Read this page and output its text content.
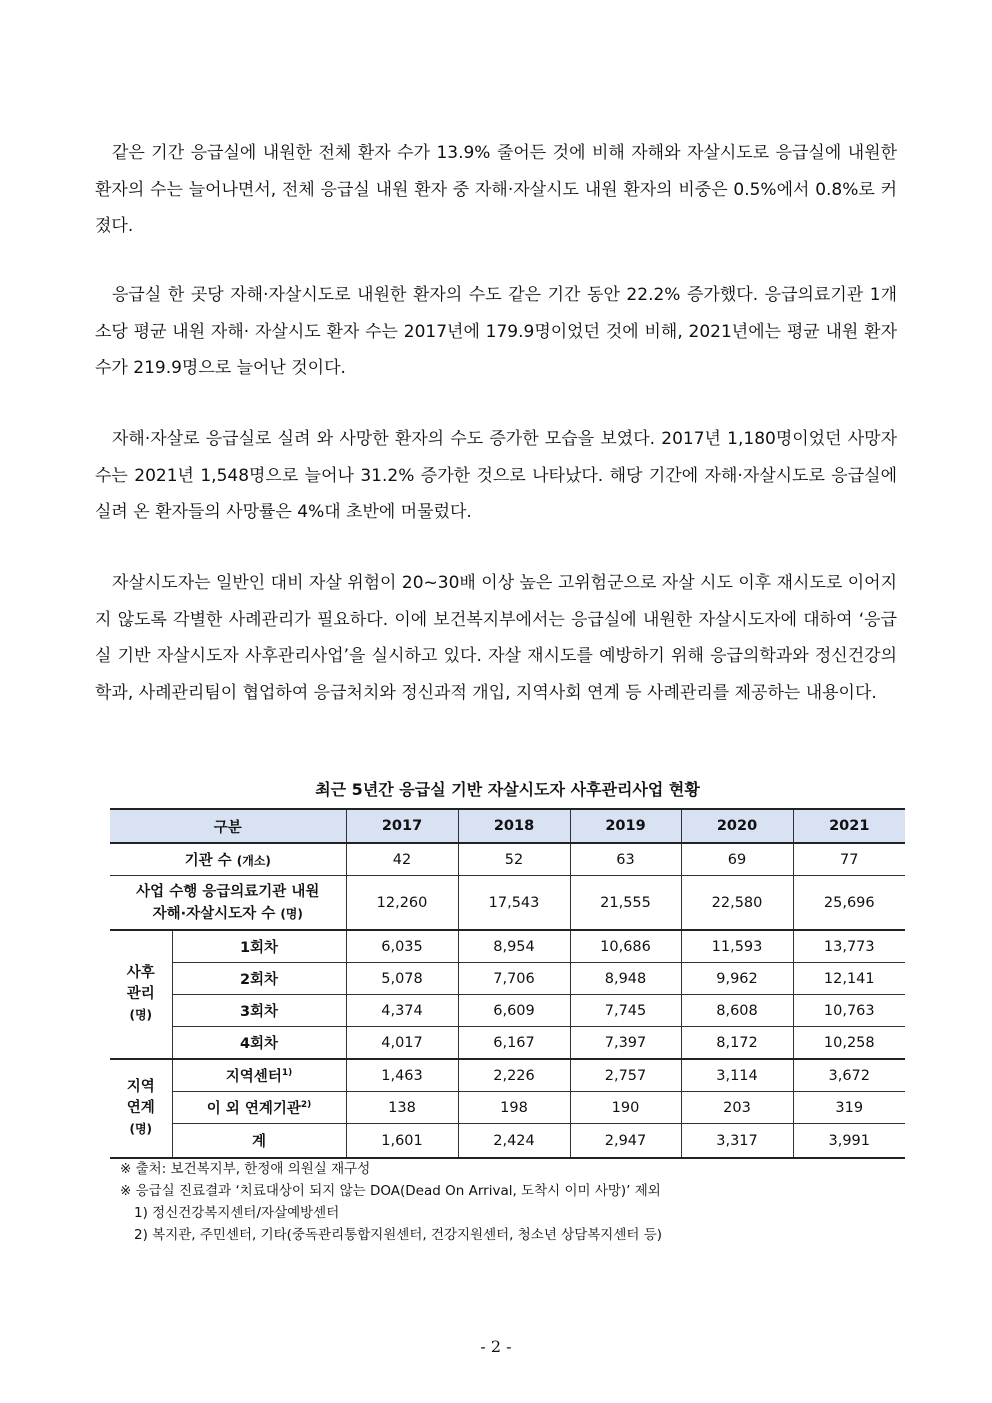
같은 기간 응급실에 내원한 전체 환자 수가 13.9% 줄어든 것에 비해 자해와 자살시도로 응급실에 내원한 환자의 수는 늘어나면서, 전체 응급실 내원 환자 중 자해·자살시도 내원 환자의 비중은 0.5%에서 0.8%로 커졌다.

응급실 한 곳당 자해·자살시도로 내원한 환자의 수도 같은 기간 동안 22.2% 증가했다. 응급의료기관 1개소당 평균 내원 자해· 자살시도 환자 수는 2017년에 179.9명이었던 것에 비해, 2021년에는 평균 내원 환자 수가 219.9명으로 늘어난 것이다.

자해·자살로 응급실로 실려 와 사망한 환자의 수도 증가한 모습을 보였다. 2017년 1,180명이었던 사망자 수는 2021년 1,548명으로 늘어나 31.2% 증가한 것으로 나타났다. 해당 기간에 자해·자살시도로 응급실에 실려 온 환자들의 사망률은 4%대 초반에 머물렀다.

자살시도자는 일반인 대비 자살 위험이 20~30배 이상 높은 고위험군으로 자살 시도 이후 재시도로 이어지지 않도록 각별한 사례관리가 필요하다. 이에 보건복지부에서는 응급실에 내원한 자살시도자에 대하여 ‘응급실 기반 자살시도자 사후관리사업’을 실시하고 있다. 자살 재시도를 예방하기 위해 응급의학과와 정신건강의학과, 사례관리팀이 협업하여 응급처치와 정신과적 개입, 지역사회 연계 등 사례관리를 제공하는 내용이다.

최근 5년간 응급실 기반 자살시도자 사후관리사업 현황
구분		2017	2018	2019	2020	2021
기관 수 (개소)		42	52	63	69	77
사업 수행 응급의료기관 내원
자해·자살시도자 수 (명)		12,260	17,543	21,555	22,580	25,696
사후
관리
(명)	1회차	6,035	8,954	10,686	11,593	13,773
	2회차	5,078	7,706	8,948	9,962	12,141
	3회차	4,374	6,609	7,745	8,608	10,763
	4회차	4,017	6,167	7,397	8,172	10,258
지역
연계
(명)	지역센터$^{1)}$	1,463	2,226	2,757	3,114	3,672
	이 외 연계기관$^{2)}$	138	198	190	203	319
	계	1,601	2,424	2,947	3,317	3,991
※ 출처: 보건복지부, 한정애 의원실 재구성
※ 응급실 진료결과 ‘치료대상이 되지 않는 DOA(Dead On Arrival, 도착시 이미 사망)’ 제외
1) 정신건강복지센터/자살예방센터
2) 복지관, 주민센터, 기타(중독관리통합지원센터, 건강지원센터, 청소년 상담복지센터 등)
- 2 -
